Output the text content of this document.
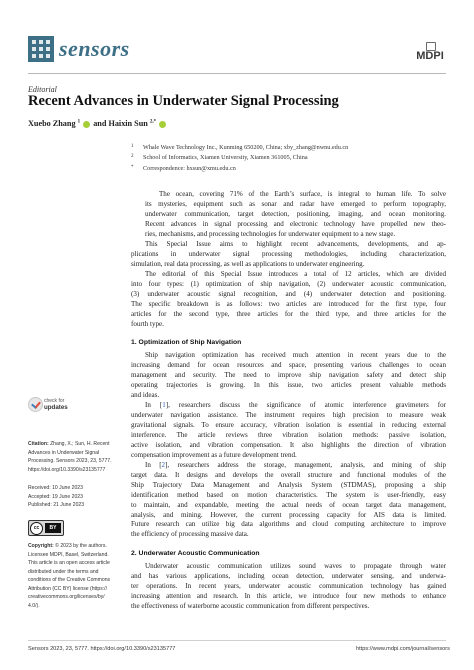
sensors	MDPI
Editorial
Recent Advances in Underwater Signal Processing
Xuebo Zhang $^1$ and Haixin Sun $^{2,*}$
1 Whale Wave Technology Inc., Kunming 650200, China; xby_zhang@nwnu.edu.cn
2 School of Informatics, Xiamen University, Xiamen 361005, China
* Correspondence: hxsun@xmu.edu.cn
The ocean, covering 71% of the Earth’s surface, is integral to human life. To solve
its mysteries, equipment such as sonar and radar have emerged to perform topography,
underwater communication, target detection, positioning, imaging, and ocean monitoring.
Recent advances in signal processing and electronic technology have propelled new theo-
ries, mechanisms, and processing technologies for underwater equipment to a new stage.
This Special Issue aims to highlight recent advancements, developments, and ap-
plications in underwater signal processing methodologies, including characterization,
simulation, real data processing, as well as applications to underwater engineering.
The editorial of this Special Issue introduces a total of 12 articles, which are divided
into four types: (1) optimization of ship navigation, (2) underwater acoustic communication,
(3) underwater acoustic signal recognition, and (4) underwater detection and positioning.
The specific breakdown is as follows: two articles are introduced for the first type, four
articles for the second type, three articles for the third type, and three articles for the
fourth type.
1. Optimization of Ship Navigation
Ship navigation optimization has received much attention in recent years due to the
increasing demand for ocean resources and space, presenting various challenges to ocean
management and security. The need to improve ship navigation safety and detect ship
operating trajectories is growing. In this issue, two articles present valuable methods
and ideas.
In [1], researchers discuss the significance of atomic interference gravimeters for
underwater navigation assistance. The instrument requires high precision to measure weak
gravitational signals. To ensure accuracy, vibration isolation is essential in reducing external
interference. The article reviews three vibration isolation methods: passive isolation,
active isolation, and vibration compensation. It also highlights the direction of vibration
compensation improvement as a future development trend.
In [2], researchers address the storage, management, analysis, and mining of ship
target data. It designs and develops the overall structure and functional modules of the
Ship Trajectory Data Management and Analysis System (STDMAS), proposing a ship
identification method based on motion characteristics. The system is user-friendly, easy
to maintain, and expandable, meeting the actual needs of ocean target data management,
analysis, and mining. However, the current processing capacity for AIS data is limited.
Future research can utilize big data algorithms and cloud computing architecture to improve
the efficiency of processing massive data.
2. Underwater Acoustic Communication
Underwater acoustic communication utilizes sound waves to propagate through water
and has various applications, including ocean detection, underwater sensing, and underwa-
ter operations. In recent years, underwater acoustic communication technology has gained
increasing attention and research. In this article, we introduce four new methods to enhance
the effectiveness of waterborne acoustic communication from different perspectives.
check for
updates
Citation: Zhang, X.; Sun, H. Recent
Advances in Underwater Signal
Processing. Sensors 2023, 23, 5777.
https://doi.org/10.3390/s23135777
Received: 10 June 2023
Accepted: 19 June 2023
Published: 21 June 2023
cc	BY
Copyright: © 2023 by the authors.
Licensee MDPI, Basel, Switzerland.
This article is an open access article
distributed under the terms and
conditions of the Creative Commons
Attribution (CC BY) license (https://
creativecommons.org/licenses/by/
4.0/).
Sensors 2023, 23, 5777. https://doi.org/10.3390/s23135777	https://www.mdpi.com/journal/sensors
